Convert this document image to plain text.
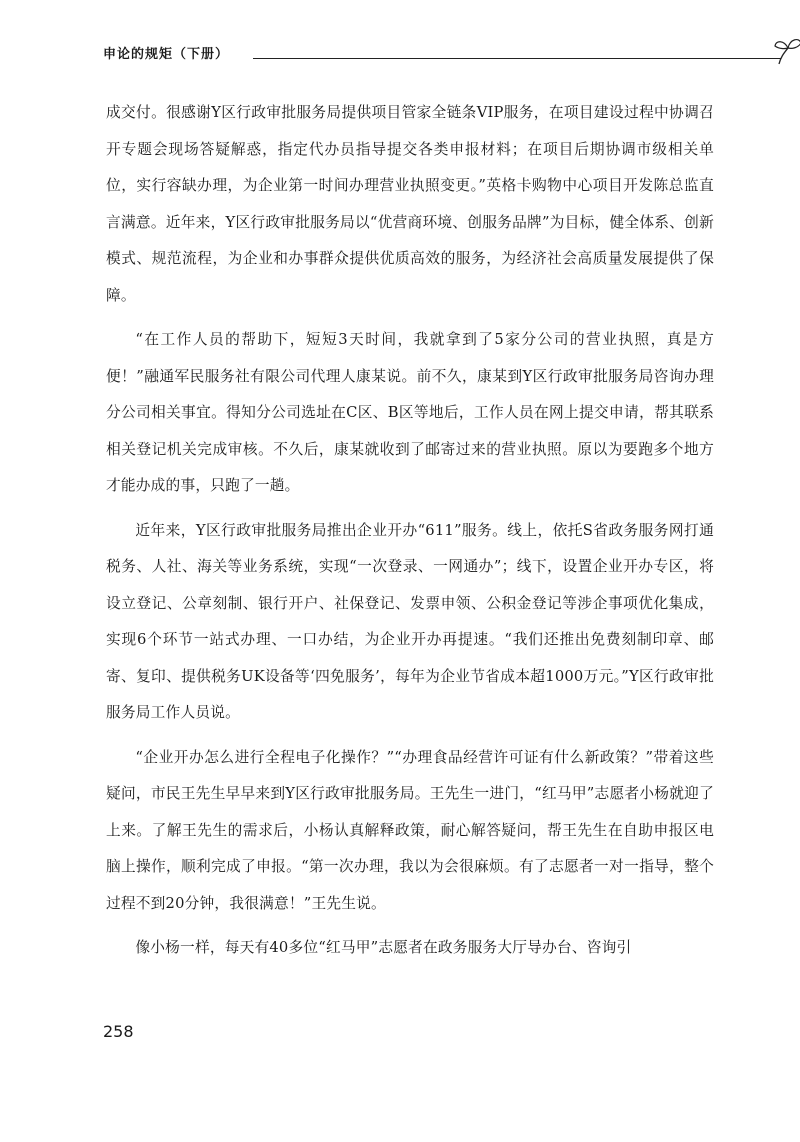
申论的规矩（下册）

成交付。很感谢Y区行政审批服务局提供项目管家全链条VIP服务，在项目建设过程中协调召开专题会现场答疑解惑，指定代办员指导提交各类申报材料；在项目后期协调市级相关单位，实行容缺办理，为企业第一时间办理营业执照变更。”英格卡购物中心项目开发陈总监直言满意。近年来，Y区行政审批服务局以“优营商环境、创服务品牌”为目标，健全体系、创新模式、规范流程，为企业和办事群众提供优质高效的服务，为经济社会高质量发展提供了保障。

“在工作人员的帮助下，短短3天时间，我就拿到了5家分公司的营业执照，真是方便！”融通军民服务社有限公司代理人康某说。前不久，康某到Y区行政审批服务局咨询办理分公司相关事宜。得知分公司选址在C区、B区等地后，工作人员在网上提交申请，帮其联系相关登记机关完成审核。不久后，康某就收到了邮寄过来的营业执照。原以为要跑多个地方才能办成的事，只跑了一趟。

近年来，Y区行政审批服务局推出企业开办“611”服务。线上，依托S省政务服务网打通税务、人社、海关等业务系统，实现“一次登录、一网通办”；线下，设置企业开办专区，将设立登记、公章刻制、银行开户、社保登记、发票申领、公积金登记等涉企事项优化集成，实现6个环节一站式办理、一口办结，为企业开办再提速。“我们还推出免费刻制印章、邮寄、复印、提供税务UK设备等‘四免服务’，每年为企业节省成本超1000万元。”Y区行政审批服务局工作人员说。

“企业开办怎么进行全程电子化操作？”“办理食品经营许可证有什么新政策？”带着这些疑问，市民王先生早早来到Y区行政审批服务局。王先生一进门，“红马甲”志愿者小杨就迎了上来。了解王先生的需求后，小杨认真解释政策，耐心解答疑问，帮王先生在自助申报区电脑上操作，顺利完成了申报。“第一次办理，我以为会很麻烦。有了志愿者一对一指导，整个过程不到20分钟，我很满意！”王先生说。

像小杨一样，每天有40多位“红马甲”志愿者在政务服务大厅导办台、咨询引

258
